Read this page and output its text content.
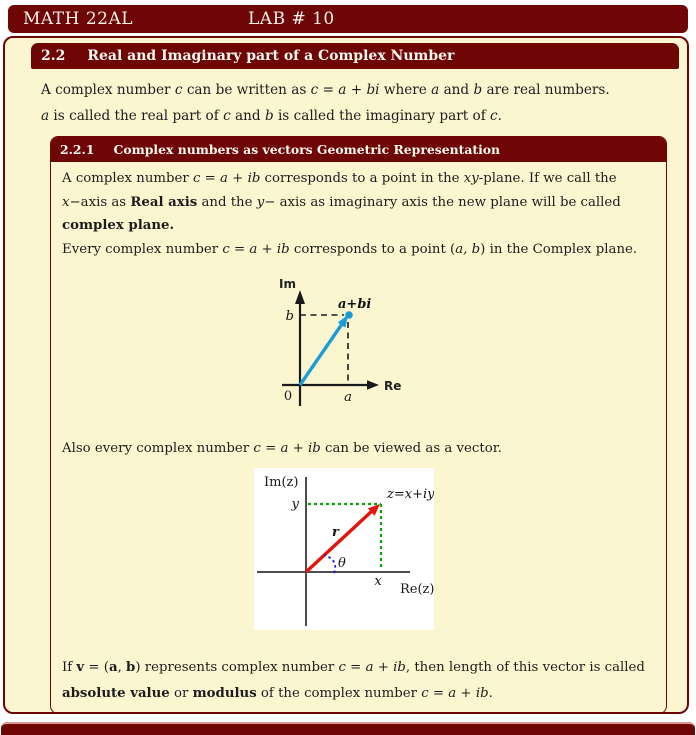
MATH 22AL	LAB # 10
2.2 Real and Imaginary part of a Complex Number
A complex number c can be written as c = a + bi where a and b are real numbers.
a is called the real part of c and b is called the imaginary part of c.
2.2.1 Complex numbers as vectors Geometric Representation
A complex number c = a + ib corresponds to a point in the xy-plane. If we call the
x−axis as Real axis and the y− axis as imaginary axis the new plane will be called
complex plane.
Every complex number c = a + ib corresponds to a point (a, b) in the Complex plane.
Im
Re
b
a+bi
0	a
Also every complex number c = a + ib can be viewed as a vector.
Im(z)
Re(z)
y
z=x+iy
r
θ
x
If v = (a, b) represents complex number c = a + ib, then length of this vector is called
absolute value or modulus of the complex number c = a + ib.
